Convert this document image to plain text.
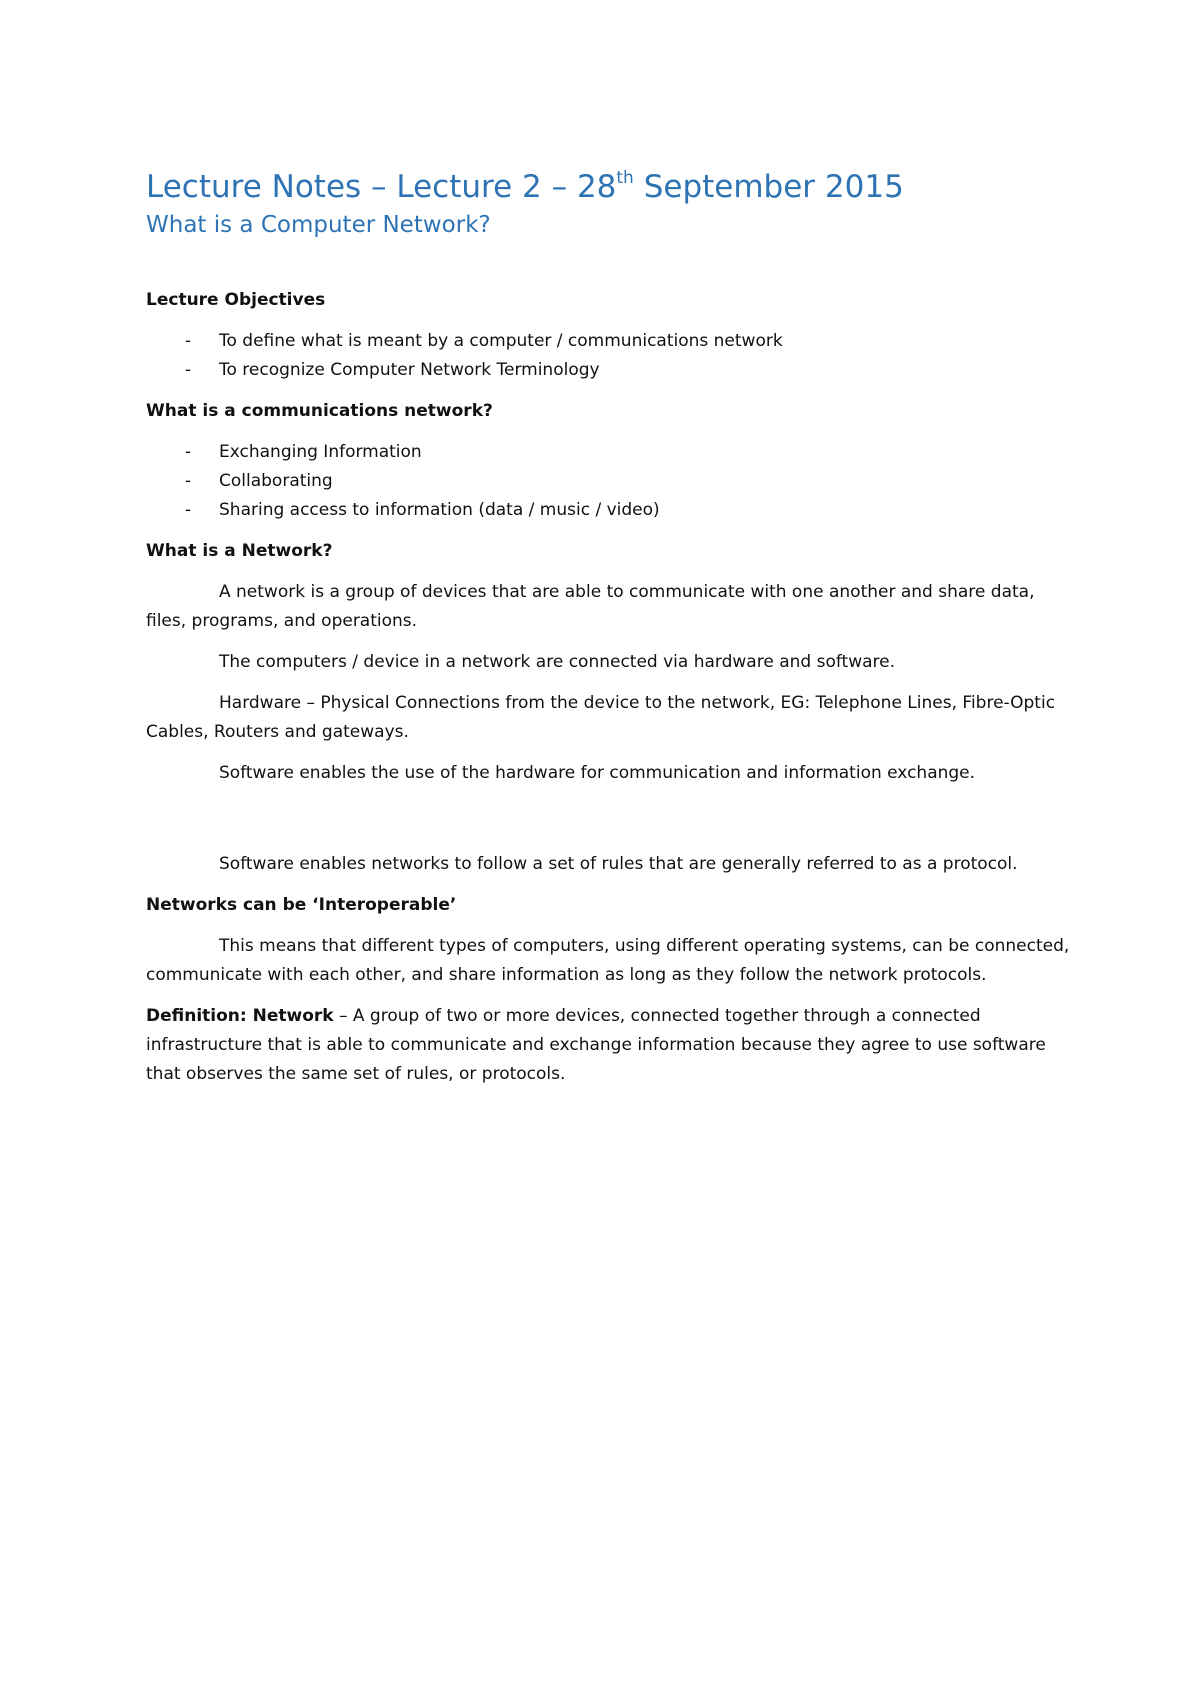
Lecture Notes – Lecture 2 – 28th September 2015
What is a Computer Network?

Lecture Objectives

- To define what is meant by a computer / communications network
- To recognize Computer Network Terminology

What is a communications network?

- Exchanging Information
- Collaborating
- Sharing access to information (data / music / video)

What is a Network?

A network is a group of devices that are able to communicate with one another and share data, files, programs, and operations.

The computers / device in a network are connected via hardware and software.

Hardware – Physical Connections from the device to the network, EG: Telephone Lines, Fibre-Optic Cables, Routers and gateways.

Software enables the use of the hardware for communication and information exchange.

Software enables networks to follow a set of rules that are generally referred to as a protocol.

Networks can be ‘Interoperable’

This means that different types of computers, using different operating systems, can be connected, communicate with each other, and share information as long as they follow the network protocols.

Definition: Network – A group of two or more devices, connected together through a connected infrastructure that is able to communicate and exchange information because they agree to use software that observes the same set of rules, or protocols.
